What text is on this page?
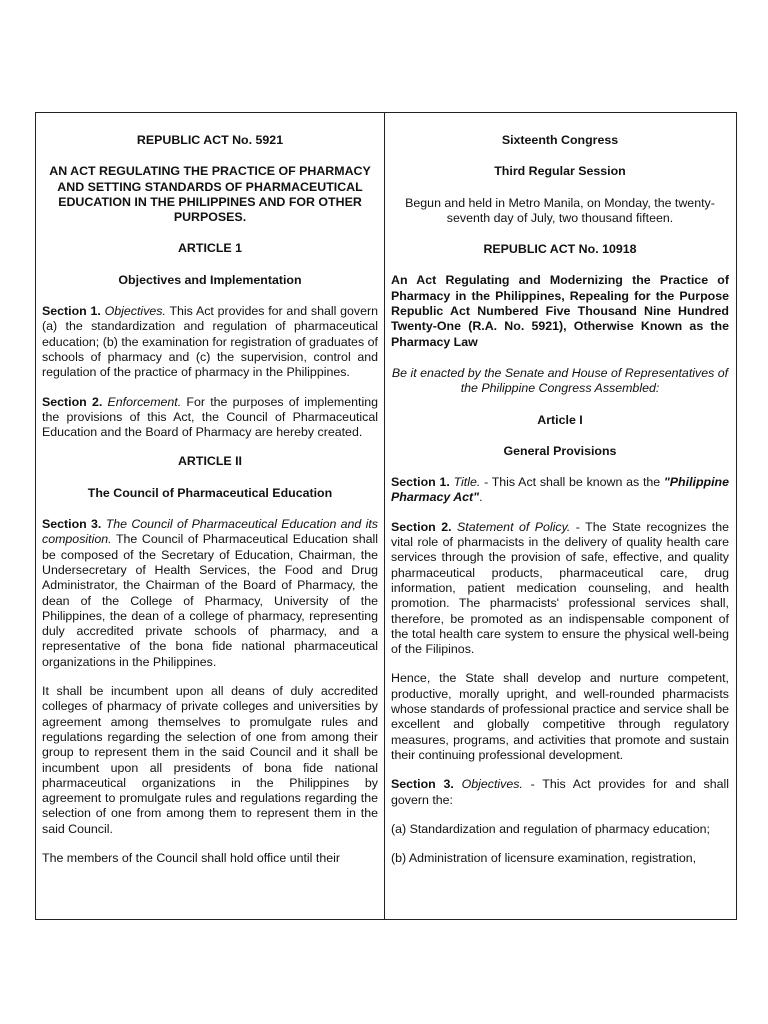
REPUBLIC ACT No. 5921
AN ACT REGULATING THE PRACTICE OF PHARMACY AND SETTING STANDARDS OF PHARMACEUTICAL EDUCATION IN THE PHILIPPINES AND FOR OTHER PURPOSES.
ARTICLE 1
Objectives and Implementation
Section 1. Objectives. This Act provides for and shall govern (a) the standardization and regulation of pharmaceutical education; (b) the examination for registration of graduates of schools of pharmacy and (c) the supervision, control and regulation of the practice of pharmacy in the Philippines.
Section 2. Enforcement. For the purposes of implementing the provisions of this Act, the Council of Pharmaceutical Education and the Board of Pharmacy are hereby created.
ARTICLE II
The Council of Pharmaceutical Education
Section 3. The Council of Pharmaceutical Education and its composition. The Council of Pharmaceutical Education shall be composed of the Secretary of Education, Chairman, the Undersecretary of Health Services, the Food and Drug Administrator, the Chairman of the Board of Pharmacy, the dean of the College of Pharmacy, University of the Philippines, the dean of a college of pharmacy, representing duly accredited private schools of pharmacy, and a representative of the bona fide national pharmaceutical organizations in the Philippines.
It shall be incumbent upon all deans of duly accredited colleges of pharmacy of private colleges and universities by agreement among themselves to promulgate rules and regulations regarding the selection of one from among their group to represent them in the said Council and it shall be incumbent upon all presidents of bona fide national pharmaceutical organizations in the Philippines by agreement to promulgate rules and regulations regarding the selection of one from among them to represent them in the said Council.
The members of the Council shall hold office until their
Sixteenth Congress
Third Regular Session
Begun and held in Metro Manila, on Monday, the twenty-seventh day of July, two thousand fifteen.
REPUBLIC ACT No. 10918
An Act Regulating and Modernizing the Practice of Pharmacy in the Philippines, Repealing for the Purpose Republic Act Numbered Five Thousand Nine Hundred Twenty-One (R.A. No. 5921), Otherwise Known as the Pharmacy Law
Be it enacted by the Senate and House of Representatives of the Philippine Congress Assembled:
Article I
General Provisions
Section 1. Title. - This Act shall be known as the "Philippine Pharmacy Act".
Section 2. Statement of Policy. - The State recognizes the vital role of pharmacists in the delivery of quality health care services through the provision of safe, effective, and quality pharmaceutical products, pharmaceutical care, drug information, patient medication counseling, and health promotion. The pharmacists' professional services shall, therefore, be promoted as an indispensable component of the total health care system to ensure the physical well-being of the Filipinos.
Hence, the State shall develop and nurture competent, productive, morally upright, and well-rounded pharmacists whose standards of professional practice and service shall be excellent and globally competitive through regulatory measures, programs, and activities that promote and sustain their continuing professional development.
Section 3. Objectives. - This Act provides for and shall govern the:
(a) Standardization and regulation of pharmacy education;
(b) Administration of licensure examination, registration,
